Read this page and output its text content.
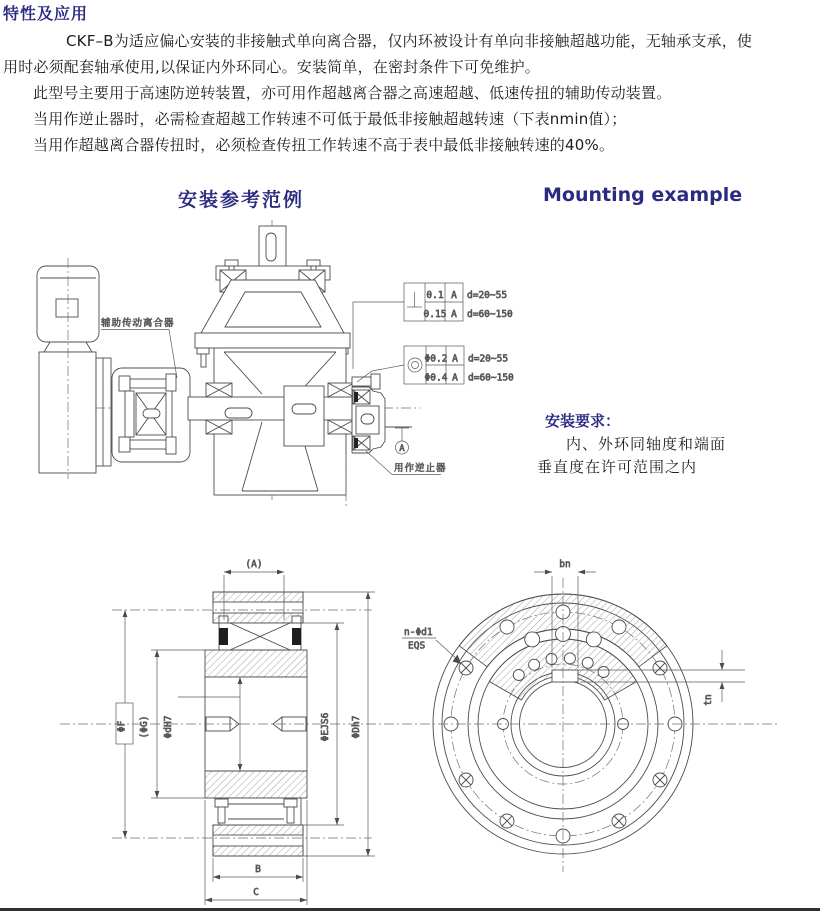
特性及应用
CKF–B为适应偏心安装的非接触式单向离合器，仅内环被设计有单向非接触超越功能，无轴承支承，使
用时必须配套轴承使用,以保证内外环同心。安装简单，在密封条件下可免维护。
此型号主要用于高速防逆转装置，亦可用作超越离合器之高速超越、低速传扭的辅助传动装置。
当用作逆止器时，必需检查超越工作转速不可低于最低非接触超越转速（下表nmin值）；
当用作超越离合器传扭时，必须检查传扭工作转速不高于表中最低非接触转速的40%。
安装参考范例	Mounting example
安装要求：
内、外环同轴度和端面
垂直度在许可范围之内
A
辅助传动离合器
用作逆止器
0.1 A
0.15 A
d=20~55
d=60~150
Φ0.2 A
Φ0.4 A
d=20~55
d=60~150
(A)
ΦF (ΦG) ΦdH7	ΦEJS6 ΦDh7
B
C
bn
tn
n-Φd1
EQS
